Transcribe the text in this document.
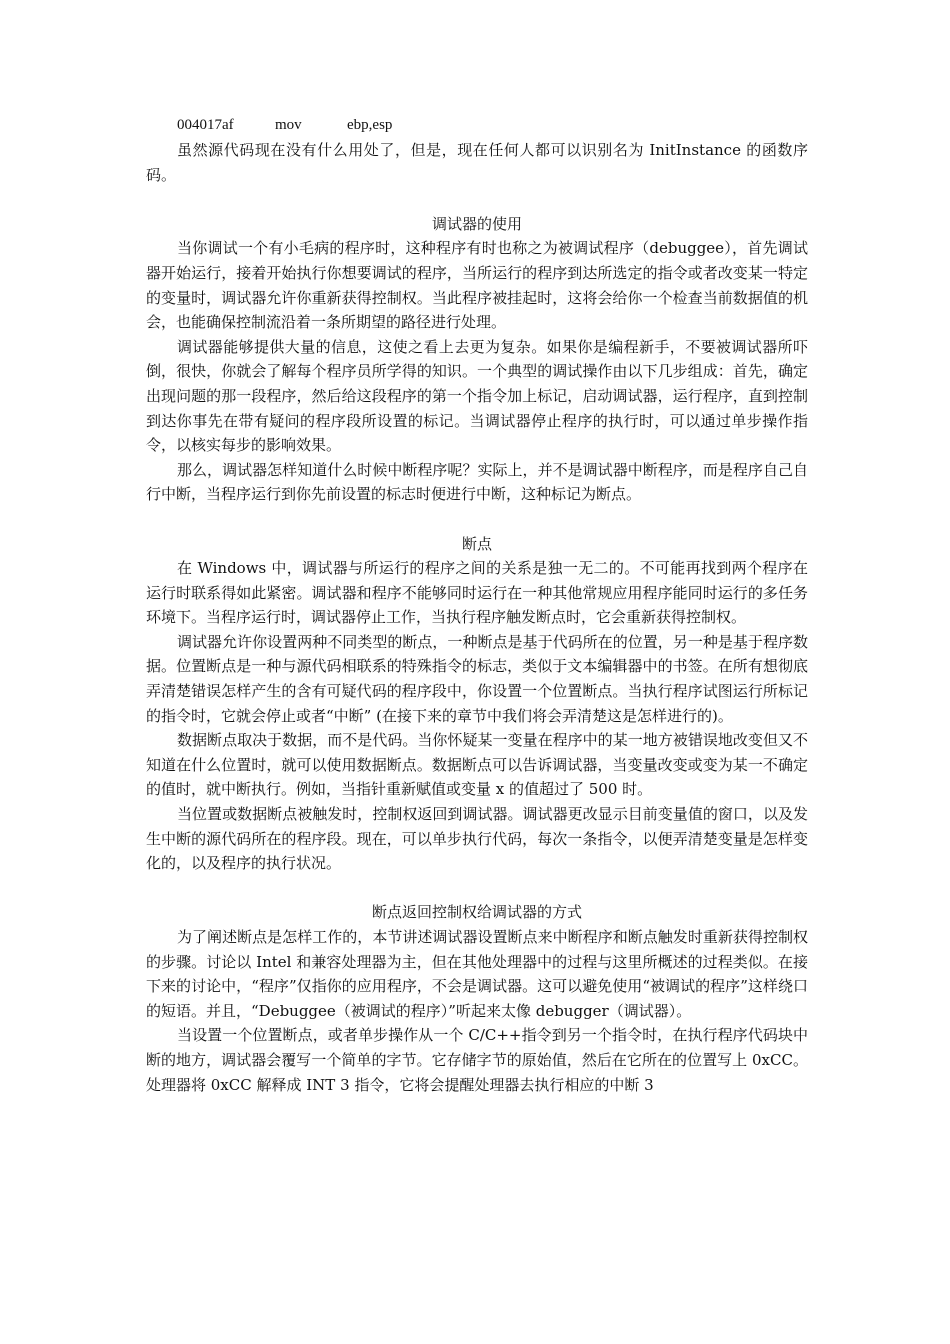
004017af	mov	ebp,esp

虽然源代码现在没有什么用处了，但是，现在任何人都可以识别名为 InitInstance 的函数序码。

调试器的使用

当你调试一个有小毛病的程序时，这种程序有时也称之为被调试程序（debuggee），首先调试器开始运行，接着开始执行你想要调试的程序，当所运行的程序到达所选定的指令或者改变某一特定的变量时，调试器允许你重新获得控制权。当此程序被挂起时，这将会给你一个检查当前数据值的机会，也能确保控制流沿着一条所期望的路径进行处理。

调试器能够提供大量的信息，这使之看上去更为复杂。如果你是编程新手，不要被调试器所吓倒，很快，你就会了解每个程序员所学得的知识。一个典型的调试操作由以下几步组成：首先，确定出现问题的那一段程序，然后给这段程序的第一个指令加上标记，启动调试器，运行程序，直到控制到达你事先在带有疑问的程序段所设置的标记。当调试器停止程序的执行时，可以通过单步操作指令，以核实每步的影响效果。

那么，调试器怎样知道什么时候中断程序呢？实际上，并不是调试器中断程序，而是程序自己自行中断，当程序运行到你先前设置的标志时便进行中断，这种标记为断点。

断点

在 Windows 中，调试器与所运行的程序之间的关系是独一无二的。不可能再找到两个程序在运行时联系得如此紧密。调试器和程序不能够同时运行在一种其他常规应用程序能同时运行的多任务环境下。当程序运行时，调试器停止工作，当执行程序触发断点时，它会重新获得控制权。

调试器允许你设置两种不同类型的断点，一种断点是基于代码所在的位置，另一种是基于程序数据。位置断点是一种与源代码相联系的特殊指令的标志，类似于文本编辑器中的书签。在所有想彻底弄清楚错误怎样产生的含有可疑代码的程序段中，你设置一个位置断点。当执行程序试图运行所标记的指令时，它就会停止或者“中断” (在接下来的章节中我们将会弄清楚这是怎样进行的)。

数据断点取决于数据，而不是代码。当你怀疑某一变量在程序中的某一地方被错误地改变但又不知道在什么位置时，就可以使用数据断点。数据断点可以告诉调试器，当变量改变或变为某一不确定的值时，就中断执行。例如，当指针重新赋值或变量 x 的值超过了 500 时。

当位置或数据断点被触发时，控制权返回到调试器。调试器更改显示目前变量值的窗口，以及发生中断的源代码所在的程序段。现在，可以单步执行代码，每次一条指令，以便弄清楚变量是怎样变化的，以及程序的执行状况。

断点返回控制权给调试器的方式

为了阐述断点是怎样工作的，本节讲述调试器设置断点来中断程序和断点触发时重新获得控制权的步骤。讨论以 Intel 和兼容处理器为主，但在其他处理器中的过程与这里所概述的过程类似。在接下来的讨论中，“程序”仅指你的应用程序，不会是调试器。这可以避免使用“被调试的程序”这样绕口的短语。并且，“Debuggee（被调试的程序）”听起来太像 debugger（调试器）。

当设置一个位置断点，或者单步操作从一个 C/C++指令到另一个指令时，在执行程序代码块中断的地方，调试器会覆写一个简单的字节。它存储字节的原始值，然后在它所在的位置写上 0xCC。处理器将 0xCC 解释成 INT 3 指令，它将会提醒处理器去执行相应的中断 3
